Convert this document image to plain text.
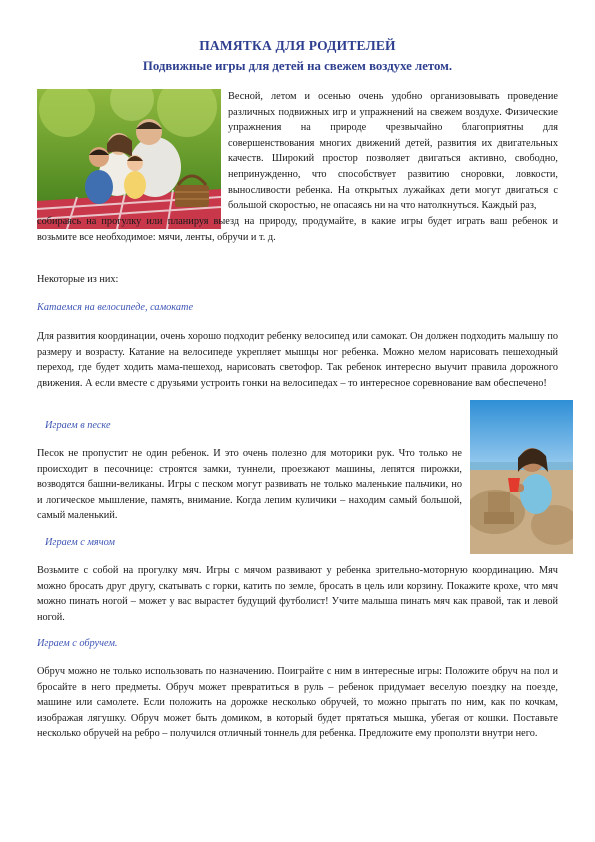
ПАМЯТКА ДЛЯ РОДИТЕЛЕЙ
Подвижные игры для детей на свежем воздухе летом.

Весной, летом и осенью очень удобно организовывать проведение различных подвижных игр и упражнений на свежем воздухе. Физические упражнения на природе чрезвычайно благоприятны для совершенствования многих движений детей, развития их двигательных качеств. Широкий простор позволяет двигаться активно, свободно, непринужденно, что способствует развитию сноровки, ловкости, выносливости ребенка. На открытых лужайках дети могут двигаться с большой скоростью, не опасаясь ни на что натолкнуться. Каждый раз,

Некоторые из них:

Катаемся на велосипеде, самокате

Для развития координации, очень хорошо подходит ребенку велосипед или самокат. Он должен подходить малышу по размеру и возрасту. Катание на велосипеде укрепляет мышцы ног ребенка. Можно мелом нарисовать пешеходный переход, где будет ходить мама-пешеход, нарисовать светофор. Так ребенок интересно выучит правила дорожного движения. А если вместе с друзьями устроить гонки на велосипедах – то интересное соревнование вам обеспечено!

Играем в песке

Песок не пропустит не один ребенок. И это очень полезно для моторики рук. Что только не происходит в песочнице: строятся замки, туннели, проезжают машины, лепятся пирожки, возводятся башни-великаны. Игры с песком могут развивать не только маленькие пальчики, но и логическое мышление, память, внимание. Когда лепим куличики – находим самый большой, самый маленький.

Играем с мячом

Возьмите с собой на прогулку мяч. Игры с мячом развивают у ребенка зрительно-моторную координацию. Мяч можно бросать друг другу, скатывать с горки, катить по земле, бросать в цель или корзину. Покажите крохе, что мяч можно пинать ногой – может у вас вырастет будущий футболист! Учите малыша пинать мяч как правой, так и левой ногой.

Играем с обручем.

Обруч можно не только использовать по назначению. Поиграйте с ним в интересные игры: Положите обруч на пол и бросайте в него предметы. Обруч может превратиться в руль – ребенок придумает веселую поездку на поезде, машине или самолете. Если положить на дорожке несколько обручей, то можно прыгать по ним, как по кочкам, изображая лягушку. Обруч может быть домиком, в который будет прятаться мышка, убегая от кошки. Поставьте несколько обручей на ребро – получился отличный тоннель для ребенка. Предложите ему проползти внутри него.

собираясь на прогулку или планируя выезд на природу, продумайте, в какие игры будет играть ваш ребенок и возьмите все необходимое: мячи, ленты, обручи и т. д.
